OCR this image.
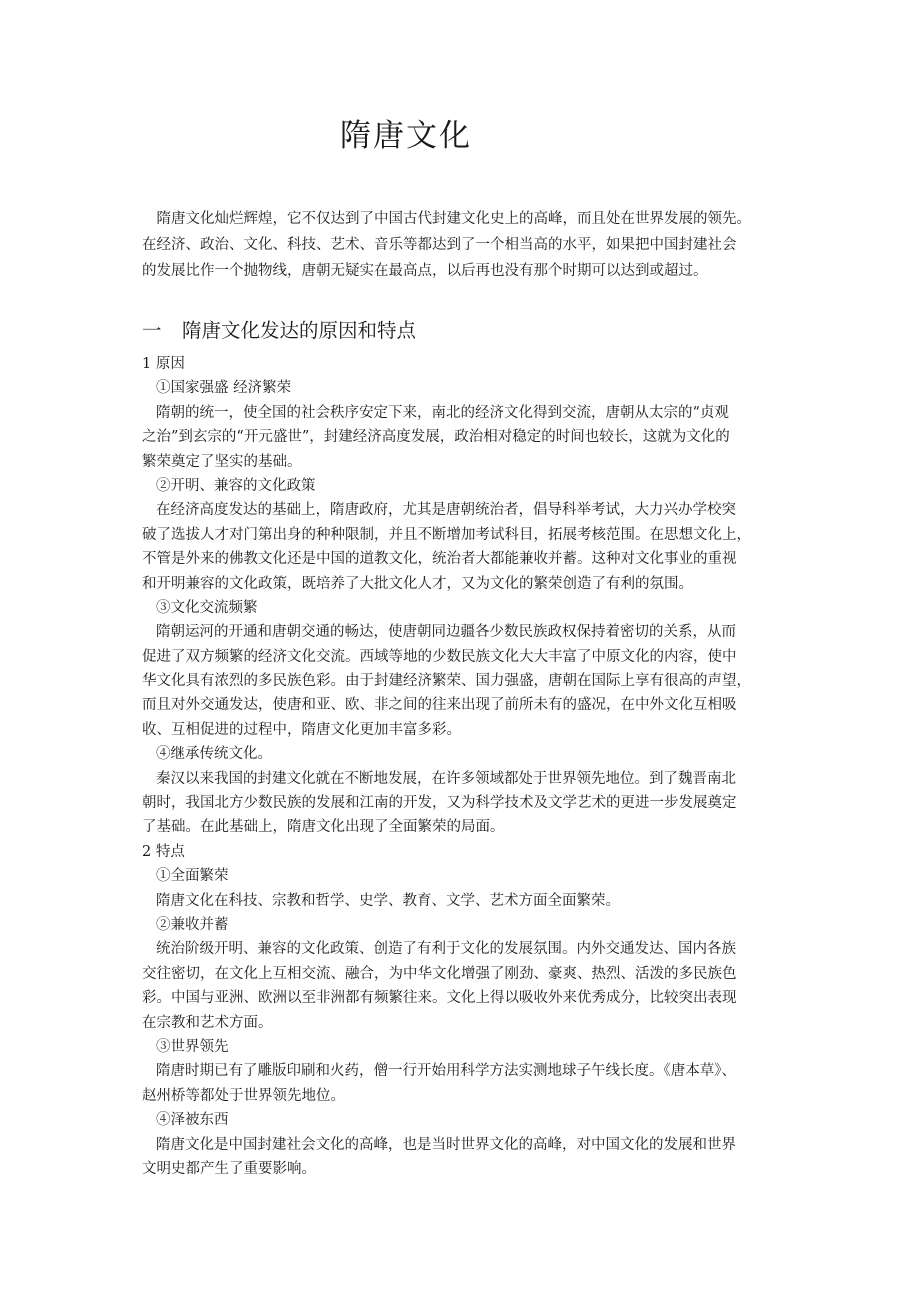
隋唐文化

　隋唐文化灿烂辉煌，它不仅达到了中国古代封建文化史上的高峰，而且处在世界发展的领先。
在经济、政治、文化、科技、艺术、音乐等都达到了一个相当高的水平，如果把中国封建社会
的发展比作一个抛物线，唐朝无疑实在最高点，以后再也没有那个时期可以达到或超过。

一 隋唐文化发达的原因和特点
1 原因
①国家强盛 经济繁荣
隋朝的统一，使全国的社会秩序安定下来，南北的经济文化得到交流，唐朝从太宗的“贞观
之治”到玄宗的“开元盛世”，封建经济高度发展，政治相对稳定的时间也较长，这就为文化的
繁荣奠定了坚实的基础。
②开明、兼容的文化政策
在经济高度发达的基础上，隋唐政府，尤其是唐朝统治者，倡导科举考试，大力兴办学校突
破了选拔人才对门第出身的种种限制，并且不断增加考试科目，拓展考核范围。在思想文化上，
不管是外来的佛教文化还是中国的道教文化，统治者大都能兼收并蓄。这种对文化事业的重视
和开明兼容的文化政策，既培养了大批文化人才，又为文化的繁荣创造了有利的氛围。
③文化交流频繁
隋朝运河的开通和唐朝交通的畅达，使唐朝同边疆各少数民族政权保持着密切的关系，从而
促进了双方频繁的经济文化交流。西域等地的少数民族文化大大丰富了中原文化的内容，使中
华文化具有浓烈的多民族色彩。由于封建经济繁荣、国力强盛，唐朝在国际上享有很高的声望，
而且对外交通发达，使唐和亚、欧、非之间的往来出现了前所未有的盛况，在中外文化互相吸
收、互相促进的过程中，隋唐文化更加丰富多彩。
④继承传统文化。
秦汉以来我国的封建文化就在不断地发展，在许多领域都处于世界领先地位。到了魏晋南北
朝时，我国北方少数民族的发展和江南的开发，又为科学技术及文学艺术的更进一步发展奠定
了基础。在此基础上，隋唐文化出现了全面繁荣的局面。
2 特点
①全面繁荣
隋唐文化在科技、宗教和哲学、史学、教育、文学、艺术方面全面繁荣。
②兼收并蓄
统治阶级开明、兼容的文化政策、创造了有利于文化的发展氛围。内外交通发达、国内各族
交往密切，在文化上互相交流、融合，为中华文化增强了刚劲、豪爽、热烈、活泼的多民族色
彩。中国与亚洲、欧洲以至非洲都有频繁往来。文化上得以吸收外来优秀成分，比较突出表现
在宗教和艺术方面。
③世界领先
隋唐时期已有了雕版印刷和火药，僧一行开始用科学方法实测地球子午线长度。《唐本草》、
赵州桥等都处于世界领先地位。
④泽被东西
隋唐文化是中国封建社会文化的高峰，也是当时世界文化的高峰，对中国文化的发展和世界
文明史都产生了重要影响。
